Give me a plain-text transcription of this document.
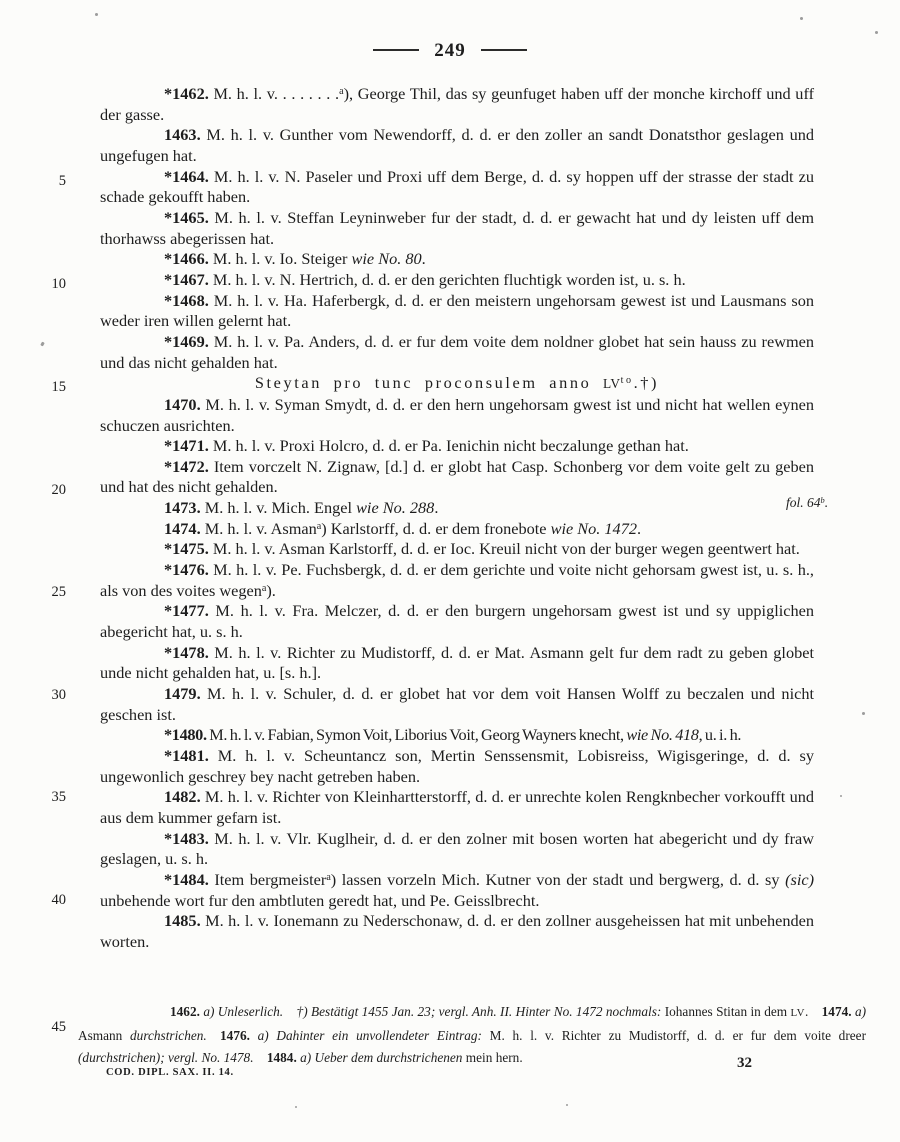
249

*1462. M. h. l. v. . . . . . . .$^a$), George Thil, das sy geunfuget haben uff der monche kirchoff und uff der gasse.

1463. M. h. l. v. Gunther vom Newendorff, d. d. er den zoller an sandt Donatsthor geslagen und ungefugen hat.

*1464. M. h. l. v. N. Paseler und Proxi uff dem Berge, d. d. sy hoppen uff der strasse der stadt zu schade gekoufft haben.

*1465. M. h. l. v. Steffan Leyninweber fur der stadt, d. d. er gewacht hat und dy leisten uff dem thorhawss abegerissen hat.

*1466. M. h. l. v. Io. Steiger wie No. 80.

*1467. M. h. l. v. N. Hertrich, d. d. er den gerichten fluchtigk worden ist, u. s. h.

*1468. M. h. l. v. Ha. Haferbergk, d. d. er den meistern ungehorsam gewest ist und Lausmans son weder iren willen gelernt hat.

*1469. M. h. l. v. Pa. Anders, d. d. er fur dem voite dem noldner globet hat sein hauss zu rewmen und das nicht gehalden hat.

Steytan pro tunc proconsulem anno $LV^{to}.\dagger$)

1470. M. h. l. v. Syman Smydt, d. d. er den hern ungehorsam gwest ist und nicht hat wellen eynen schuczen ausrichten.

*1471. M. h. l. v. Proxi Holcro, d. d. er Pa. Ienichin nicht beczalunge gethan hat.

*1472. Item vorczelt N. Zignaw, [d.] d. er globt hat Casp. Schonberg vor dem voite gelt zu geben und hat des nicht gehalden.

1473. M. h. l. v. Mich. Engel wie No. 288.

1474. M. h. l. v. Asman$^a$) Karlstorff, d. d. er dem fronebote wie No. 1472.

*1475. M. h. l. v. Asman Karlstorff, d. d. er Ioc. Kreuil nicht von der burger wegen geentwert hat.

*1476. M. h. l. v. Pe. Fuchsbergk, d. d. er dem gerichte und voite nicht gehorsam gwest ist, u. s. h., als von des voites wegen$^a$).

*1477. M. h. l. v. Fra. Melczer, d. d. er den burgern ungehorsam gwest ist und sy uppiglichen abegericht hat, u. s. h.

*1478. M. h. l. v. Richter zu Mudistorff, d. d. er Mat. Asmann gelt fur dem radt zu geben globet unde nicht gehalden hat, u. [s. h.].

1479. M. h. l. v. Schuler, d. d. er globet hat vor dem voit Hansen Wolff zu beczalen und nicht geschen ist.

*1480. M. h. l. v. Fabian, Symon Voit, Liborius Voit, Georg Wayners knecht, wie No. 418, u. i. h.

*1481. M. h. l. v. Scheuntancz son, Mertin Senssensmit, Lobisreiss, Wigisgeringe, d. d. sy ungewonlich geschrey bey nacht getreben haben.

1482. M. h. l. v. Richter von Kleinhartterstorff, d. d. er unrechte kolen Rengknbecher vorkoufft und aus dem kummer gefarn ist.

*1483. M. h. l. v. Vlr. Kuglheir, d. d. er den zolner mit bosen worten hat abegericht und dy fraw geslagen, u. s. h.

*1484. Item bergmeister$^a$) lassen vorzeln Mich. Kutner von der stadt und bergwerg, d. d. sy (sic) unbehende wort fur den ambtluten geredt hat, und Pe. Geisslbrecht.

1485. M. h. l. v. Ionemann zu Nederschonaw, d. d. er den zollner ausgeheissen hat mit unbehenden worten.

5
10
15
20
25
30
35
40
45
fol. 64$^b$.

1462. a) Unleserlich.  †) Bestätigt 1455 Jan. 23; vergl. Anh. II. Hinter No. 1472 nochmals: Iohannes Stitan in dem LV. 1474. a) Asmann durchstrichen.  1476. a) Dahinter ein unvollendeter Eintrag: M. h. l. v. Richter zu Mudistorff, d. d. er fur dem voite dreer (durchstrichen); vergl. No. 1478.  1484. a) Ueber dem durchstrichenen mein hern.

COD. DIPL. SAX. II. 14.
32
